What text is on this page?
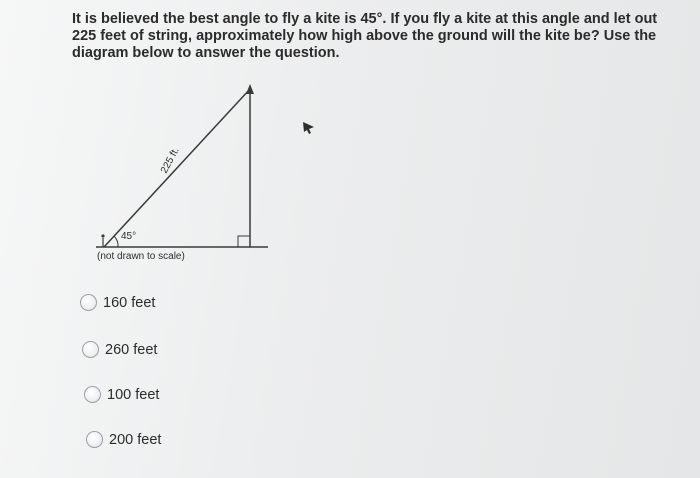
It is believed the best angle to fly a kite is 45°. If you fly a kite at this angle and let out 225 feet of string, approximately how high above the ground will the kite be? Use the diagram below to answer the question.

225 ft.
45°

(not drawn to scale)

160 feet
260 feet
100 feet
200 feet
